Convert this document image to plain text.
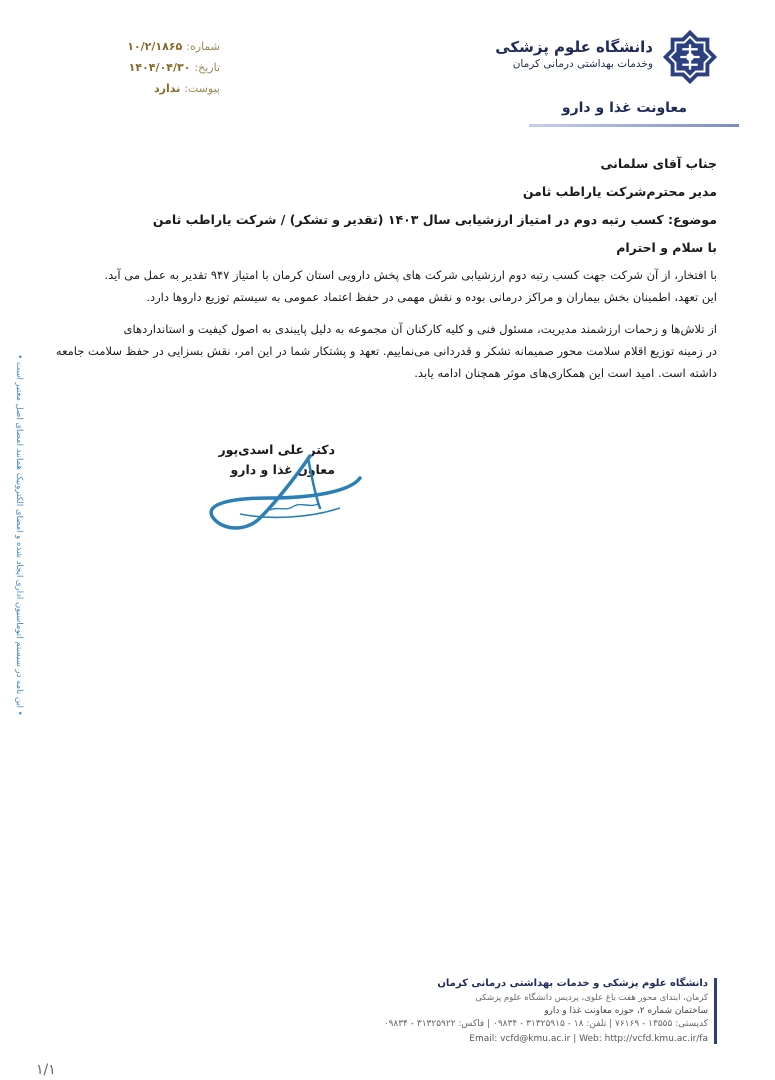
دانشگاه علوم پزشکی
وخدمات بهداشتی درمانی کرمان
معاونت غذا و دارو
شماره:۱۰/۲/۱۸۶۵
تاریخ:۱۴۰۴/۰۴/۳۰
پیوست:ندارد
جناب آقای سلمانی
مدیر محترم‌شرکت یاراطب ثامن
موضوع: کسب رتبه دوم در امتیاز ارزشیابی سال ۱۴۰۳ (تقدیر و تشکر) / شرکت یاراطب ثامن
با سلام و احترام
با افتخار، از آن شرکت جهت کسب رتبه دوم ارزشیابی شرکت های پخش دارویی استان کرمان با امتیاز ۹۴۷ تقدیر به عمل می آید.
این تعهد، اطمینان بخش بیماران و مراکز درمانی بوده و نقش مهمی در حفظ اعتماد عمومی به سیستم توزیع داروها دارد.
از تلاش‌ها و زحمات ارزشمند مدیریت، مسئول فنی و کلیه کارکنان آن مجموعه به دلیل پایبندی به اصول کیفیت و استانداردهای
در زمینه توزیع اقلام سلامت محور صمیمانه تشکر و قدردانی می‌نماییم. تعهد و پشتکار شما در این امر، نقش بسزایی در حفظ سلامت جامعه
داشته است. امید است این همکاری‌های موثر همچنان ادامه یابد.
دکتر علی اسدی‌پور
معاون غذا و دارو
• این نامه در سیستم اتوماسیون اداری ایجاد شده و امضای الکترونیک همانند امضای اصل معتبر است •
دانشگاه علوم پزشکی و خدمات بهداشتی درمانی کرمان
کرمان، ابتدای محور هفت باغ علوی، پردیس دانشگاه علوم پزشکی
ساختمان شماره ۲، حوزه معاونت غذا و دارو
کدپستی: ۱۳۵۵۵ - ۷۶۱۶۹ | تلفن: ۱۸ - ۳۱۳۲۵۹۱۵ - ۰۹۸۳۴ | فاکس: ۳۱۳۲۵۹۲۲ - ۰۹۸۳۴
Email: vcfd@kmu.ac.ir | Web: http://vcfd.kmu.ac.ir/fa
۱/۱
